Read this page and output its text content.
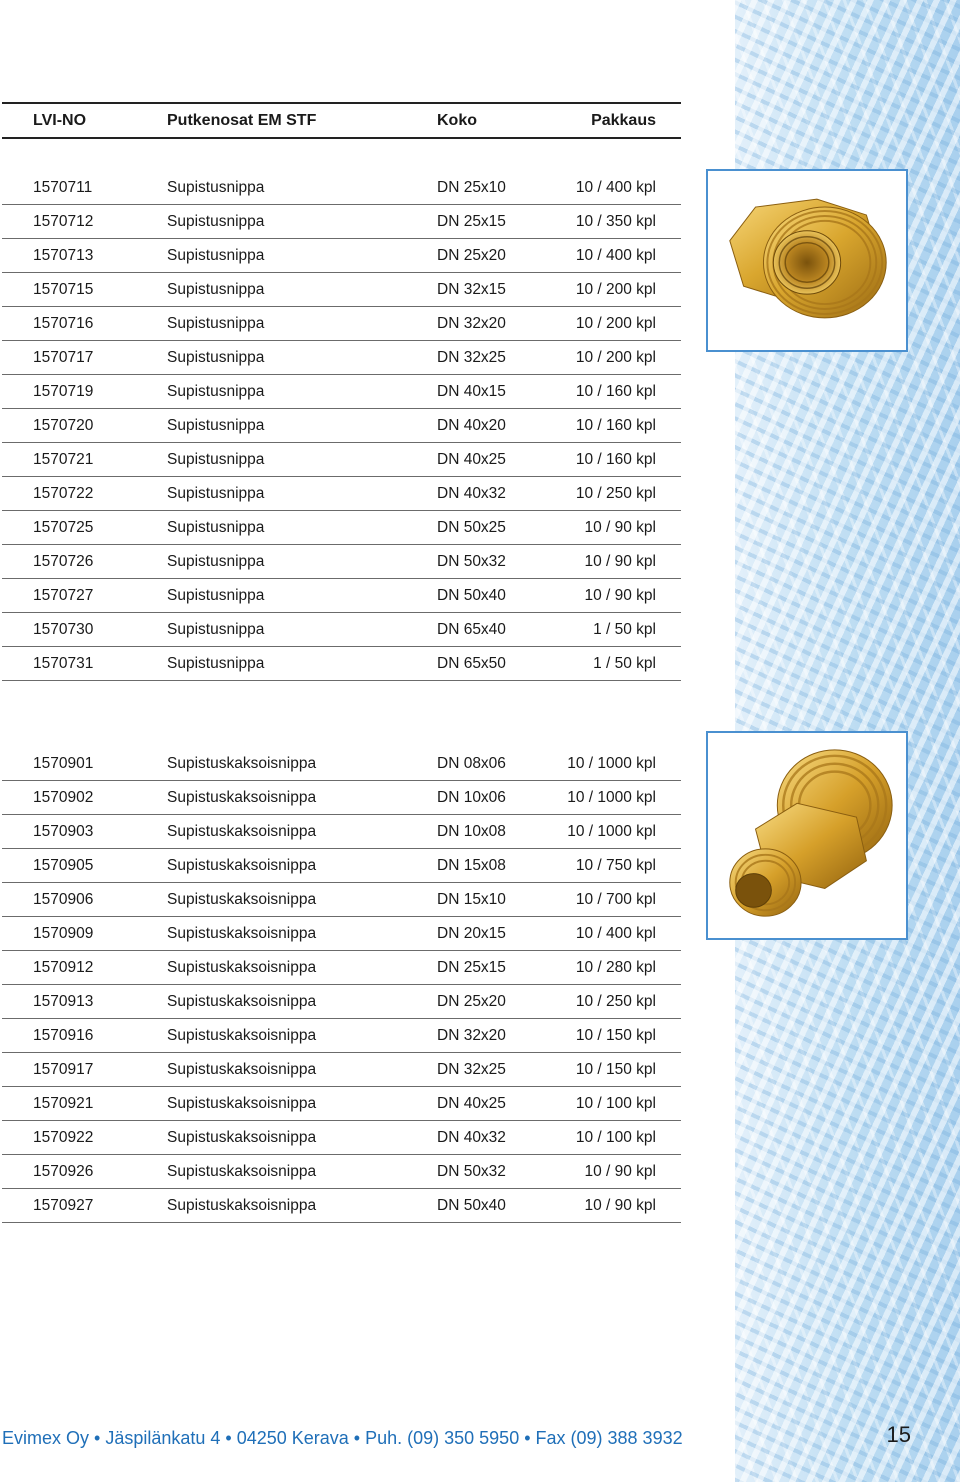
LVI-NO	Putkenosat EM STF	Koko	Pakkaus
1570711	Supistusnippa	DN 25x10	10 / 400 kpl
1570712	Supistusnippa	DN 25x15	10 / 350 kpl
1570713	Supistusnippa	DN 25x20	10 / 400 kpl
1570715	Supistusnippa	DN 32x15	10 / 200 kpl
1570716	Supistusnippa	DN 32x20	10 / 200 kpl
1570717	Supistusnippa	DN 32x25	10 / 200 kpl
1570719	Supistusnippa	DN 40x15	10 / 160 kpl
1570720	Supistusnippa	DN 40x20	10 / 160 kpl
1570721	Supistusnippa	DN 40x25	10 / 160 kpl
1570722	Supistusnippa	DN 40x32	10 / 250 kpl
1570725	Supistusnippa	DN 50x25	10 / 90 kpl
1570726	Supistusnippa	DN 50x32	10 / 90 kpl
1570727	Supistusnippa	DN 50x40	10 / 90 kpl
1570730	Supistusnippa	DN 65x40	1 / 50 kpl
1570731	Supistusnippa	DN 65x50	1 / 50 kpl
1570901	Supistuskaksoisnippa	DN 08x06	10 / 1000 kpl
1570902	Supistuskaksoisnippa	DN 10x06	10 / 1000 kpl
1570903	Supistuskaksoisnippa	DN 10x08	10 / 1000 kpl
1570905	Supistuskaksoisnippa	DN 15x08	10 / 750 kpl
1570906	Supistuskaksoisnippa	DN 15x10	10 / 700 kpl
1570909	Supistuskaksoisnippa	DN 20x15	10 / 400 kpl
1570912	Supistuskaksoisnippa	DN 25x15	10 / 280 kpl
1570913	Supistuskaksoisnippa	DN 25x20	10 / 250 kpl
1570916	Supistuskaksoisnippa	DN 32x20	10 / 150 kpl
1570917	Supistuskaksoisnippa	DN 32x25	10 / 150 kpl
1570921	Supistuskaksoisnippa	DN 40x25	10 / 100 kpl
1570922	Supistuskaksoisnippa	DN 40x32	10 / 100 kpl
1570926	Supistuskaksoisnippa	DN 50x32	10 / 90 kpl
1570927	Supistuskaksoisnippa	DN 50x40	10 / 90 kpl
Evimex Oy • Jäspilänkatu 4 • 04250 Kerava • Puh. (09) 350 5950 • Fax (09) 388 3932	15
